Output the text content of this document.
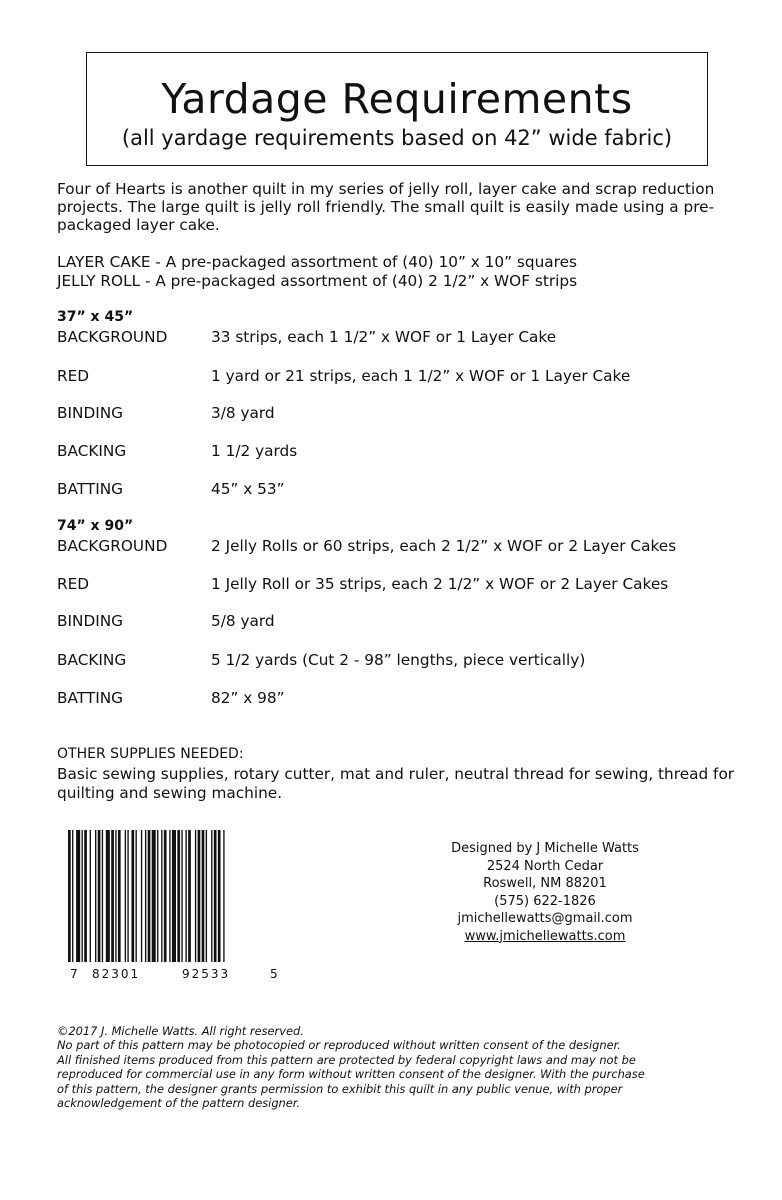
Yardage Requirements
(all yardage requirements based on 42” wide fabric)

Four of Hearts is another quilt in my series of jelly roll, layer cake and scrap reduction projects. The large quilt is jelly roll friendly. The small quilt is easily made using a pre-packaged layer cake.

LAYER CAKE - A pre-packaged assortment of (40) 10” x 10” squares
JELLY ROLL - A pre-packaged assortment of (40) 2 1/2” x WOF strips
37” x 45”
BACKGROUND	33 strips, each 1 1/2” x WOF or 1 Layer Cake
RED	1 yard or 21 strips, each 1 1/2” x WOF or 1 Layer Cake
BINDING	3/8 yard
BACKING	1 1/2 yards
BATTING	45” x 53”
74” x 90”
BACKGROUND	2 Jelly Rolls or 60 strips, each 2 1/2” x WOF or 2 Layer Cakes
RED	1 Jelly Roll or 35 strips, each 2 1/2” x WOF or 2 Layer Cakes
BINDING	5/8 yard
BACKING	5 1/2 yards (Cut 2 - 98” lengths, piece vertically)
BATTING	82” x 98”
OTHER SUPPLIES NEEDED:
Basic sewing supplies, rotary cutter, mat and ruler, neutral thread for sewing, thread for quilting and sewing machine.
7 82301	92533	5
Designed by J Michelle Watts
2524 North Cedar
Roswell, NM 88201
(575) 622-1826
jmichellewatts@gmail.com
www.jmichellewatts.com
©2017 J. Michelle Watts. All right reserved.
No part of this pattern may be photocopied or reproduced without written consent of the designer.
All finished items produced from this pattern are protected by federal copyright laws and may not be
reproduced for commercial use in any form without written consent of the designer. With the purchase
of this pattern, the designer grants permission to exhibit this quilt in any public venue, with proper
acknowledgement of the pattern designer.
